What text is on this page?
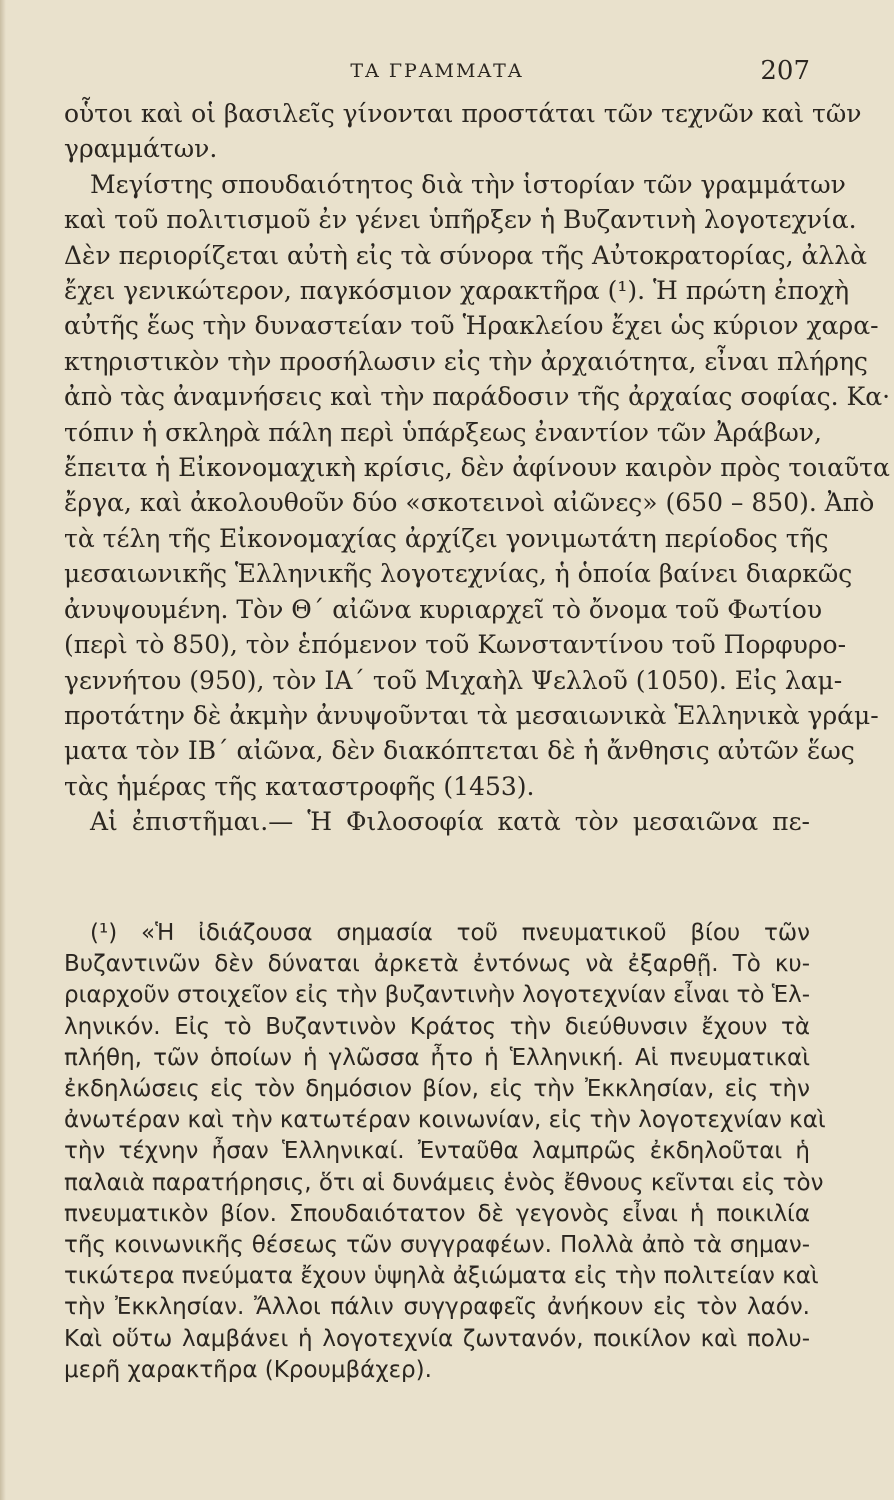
ΤΑ ΓΡΑΜΜΑΤΑ	207
οὗτοι καὶ οἱ βασιλεῖς γίνονται προστάται τῶν τεχνῶν καὶ τῶν
γραμμάτων.
Μεγίστης σπουδαιότητος διὰ τὴν ἱστορίαν τῶν γραμμάτων
καὶ τοῦ πολιτισμοῦ ἐν γένει ὑπῆρξεν ἡ Βυζαντινὴ λογοτεχνία.
Δὲν περιορίζεται αὐτὴ εἰς τὰ σύνορα τῆς Αὐτοκρατορίας, ἀλλὰ
ἔχει γενικώτερον, παγκόσμιον χαρακτῆρα (¹). Ἡ πρώτη ἐποχὴ
αὐτῆς ἕως τὴν δυναστείαν τοῦ Ἡρακλείου ἔχει ὡς κύριον χαρα-
κτηριστικὸν τὴν προσήλωσιν εἰς τὴν ἀρχαιότητα, εἶναι πλήρης
ἀπὸ τὰς ἀναμνήσεις καὶ τὴν παράδοσιν τῆς ἀρχαίας σοφίας. Κα·
τόπιν ἡ σκληρὰ πάλη περὶ ὑπάρξεως ἐναντίον τῶν Ἀράβων,
ἔπειτα ἡ Εἰκονομαχικὴ κρίσις, δὲν ἀφίνουν καιρὸν πρὸς τοιαῦτα
ἔργα, καὶ ἀκολουθοῦν δύο «σκοτεινοὶ αἰῶνες» (650 – 850). Ἀπὸ
τὰ τέλη τῆς Εἰκονομαχίας ἀρχίζει γονιμωτάτη περίοδος τῆς
μεσαιωνικῆς Ἑλληνικῆς λογοτεχνίας, ἡ ὁποία βαίνει διαρκῶς
ἀνυψουμένη. Τὸν Θ΄ αἰῶνα κυριαρχεῖ τὸ ὄνομα τοῦ Φωτίου
(περὶ τὸ 850), τὸν ἑπόμενον τοῦ Κωνσταντίνου τοῦ Πορφυρο-
γεννήτου (950), τὸν ΙΑ΄ τοῦ Μιχαὴλ Ψελλοῦ (1050). Εἰς λαμ-
προτάτην δὲ ἀκμὴν ἀνυψοῦνται τὰ μεσαιωνικὰ Ἑλληνικὰ γράμ-
ματα τὸν ΙΒ΄ αἰῶνα, δὲν διακόπτεται δὲ ἡ ἄνθησις αὐτῶν ἕως
τὰς ἡμέρας τῆς καταστροφῆς (1453).
Αἱ ἐπιστῆμαι.— Ἡ Φιλοσοφία κατὰ τὸν μεσαιῶνα πε-
(¹) «Ἡ ἰδιάζουσα σημασία τοῦ πνευματικοῦ βίου τῶν
Βυζαντινῶν δὲν δύναται ἀρκετὰ ἐντόνως νὰ ἐξαρθῇ. Τὸ κυ-
ριαρχοῦν στοιχεῖον εἰς τὴν βυζαντινὴν λογοτεχνίαν εἶναι τὸ Ἑλ-
ληνικόν. Εἰς τὸ Βυζαντινὸν Κράτος τὴν διεύθυνσιν ἔχουν τὰ
πλήθη, τῶν ὁποίων ἡ γλῶσσα ἦτο ἡ Ἑλληνική. Αἱ πνευματικαὶ
ἐκδηλώσεις εἰς τὸν δημόσιον βίον, εἰς τὴν Ἐκκλησίαν, εἰς τὴν
ἀνωτέραν καὶ τὴν κατωτέραν κοινωνίαν, εἰς τὴν λογοτεχνίαν καὶ
τὴν τέχνην ἦσαν Ἑλληνικαί. Ἐνταῦθα λαμπρῶς ἐκδηλοῦται ἡ
παλαιὰ παρατήρησις, ὅτι αἱ δυνάμεις ἑνὸς ἔθνους κεῖνται εἰς τὸν
πνευματικὸν βίον. Σπουδαιότατον δὲ γεγονὸς εἶναι ἡ ποικιλία
τῆς κοινωνικῆς θέσεως τῶν συγγραφέων. Πολλὰ ἀπὸ τὰ σημαν-
τικώτερα πνεύματα ἔχουν ὑψηλὰ ἀξιώματα εἰς τὴν πολιτείαν καὶ
τὴν Ἐκκλησίαν. Ἄλλοι πάλιν συγγραφεῖς ἀνήκουν εἰς τὸν λαόν.
Καὶ οὕτω λαμβάνει ἡ λογοτεχνία ζωντανόν, ποικίλον καὶ πολυ-
μερῆ χαρακτῆρα (Κρουμβάχερ).
